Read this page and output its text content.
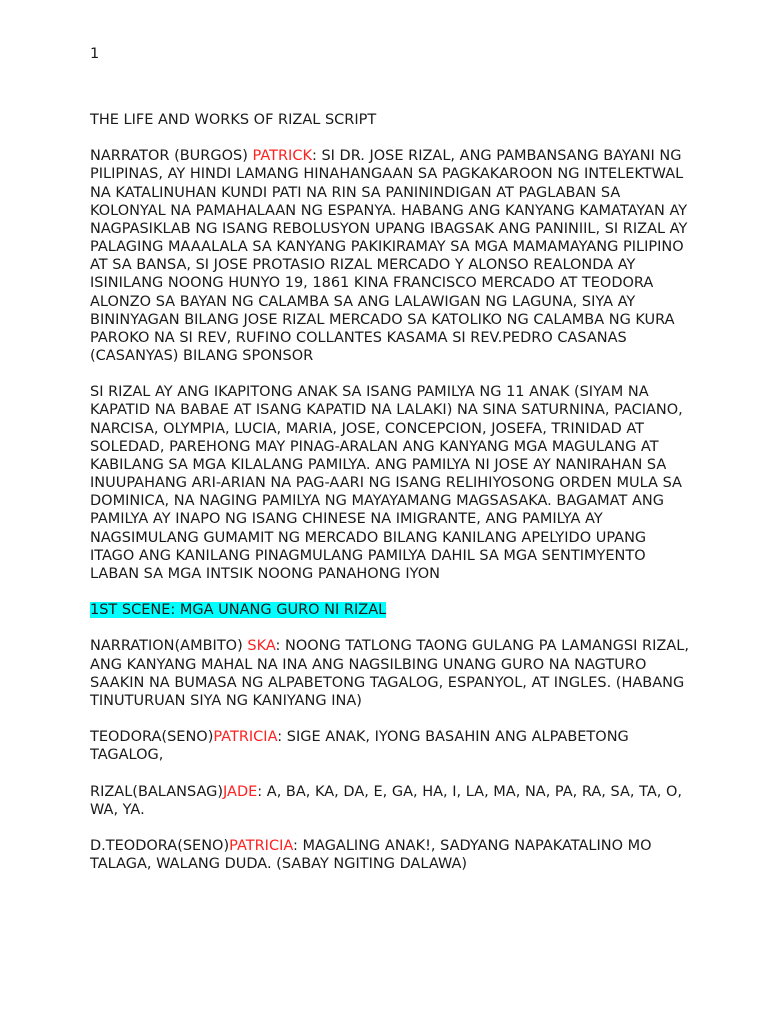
1

THE LIFE AND WORKS OF RIZAL SCRIPT

NARRATOR (BURGOS) PATRICK: SI DR. JOSE RIZAL, ANG PAMBANSANG BAYANI NG PILIPINAS, AY HINDI LAMANG HINAHANGAAN SA PAGKAKAROON NG INTELEKTWAL NA KATALINUHAN KUNDI PATI NA RIN SA PANININDIGAN AT PAGLABAN SA KOLONYAL NA PAMAHALAAN NG ESPANYA. HABANG ANG KANYANG KAMATAYAN AY NAGPASIKLAB NG ISANG REBOLUSYON UPANG IBAGSAK ANG PANINIIL, SI RIZAL AY PALAGING MAAALALA SA KANYANG PAKIKIRAMAY SA MGA MAMAMAYANG PILIPINO AT SA BANSA, SI JOSE PROTASIO RIZAL MERCADO Y ALONSO REALONDA AY ISINILANG NOONG HUNYO 19, 1861 KINA FRANCISCO MERCADO AT TEODORA ALONZO SA BAYAN NG CALAMBA SA ANG LALAWIGAN NG LAGUNA, SIYA AY BININYAGAN BILANG JOSE RIZAL MERCADO SA KATOLIKO NG CALAMBA NG KURA PAROKO NA SI REV, RUFINO COLLANTES KASAMA SI REV.PEDRO CASANAS (CASANYAS) BILANG SPONSOR

SI RIZAL AY ANG IKAPITONG ANAK SA ISANG PAMILYA NG 11 ANAK (SIYAM NA KAPATID NA BABAE AT ISANG KAPATID NA LALAKI) NA SINA SATURNINA, PACIANO, NARCISA, OLYMPIA, LUCIA, MARIA, JOSE, CONCEPCION, JOSEFA, TRINIDAD AT SOLEDAD, PAREHONG MAY PINAG-ARALAN ANG KANYANG MGA MAGULANG AT KABILANG SA MGA KILALANG PAMILYA. ANG PAMILYA NI JOSE AY NANIRAHAN SA INUUPAHANG ARI-ARIAN NA PAG-AARI NG ISANG RELIHIYOSONG ORDEN MULA SA DOMINICA, NA NAGING PAMILYA NG MAYAYAMANG MAGSASAKA. BAGAMAT ANG PAMILYA AY INAPO NG ISANG CHINESE NA IMIGRANTE, ANG PAMILYA AY NAGSIMULANG GUMAMIT NG MERCADO BILANG KANILANG APELYIDO UPANG ITAGO ANG KANILANG PINAGMULANG PAMILYA DAHIL SA MGA SENTIMYENTO LABAN SA MGA INTSIK NOONG PANAHONG IYON

1ST SCENE: MGA UNANG GURO NI RIZAL

NARRATION(AMBITO) SKA: NOONG TATLONG TAONG GULANG PA LAMANGSI RIZAL, ANG KANYANG MAHAL NA INA ANG NAGSILBING UNANG GURO NA NAGTURO SAAKIN NA BUMASA NG ALPABETONG TAGALOG, ESPANYOL, AT INGLES. (HABANG TINUTURUAN SIYA NG KANIYANG INA)

TEODORA(SENO)PATRICIA: SIGE ANAK, IYONG BASAHIN ANG ALPABETONG TAGALOG,

RIZAL(BALANSAG)JADE: A, BA, KA, DA, E, GA, HA, I, LA, MA, NA, PA, RA, SA, TA, O, WA, YA.

D.TEODORA(SENO)PATRICIA: MAGALING ANAK!, SADYANG NAPAKATALINO MO TALAGA, WALANG DUDA. (SABAY NGITING DALAWA)
